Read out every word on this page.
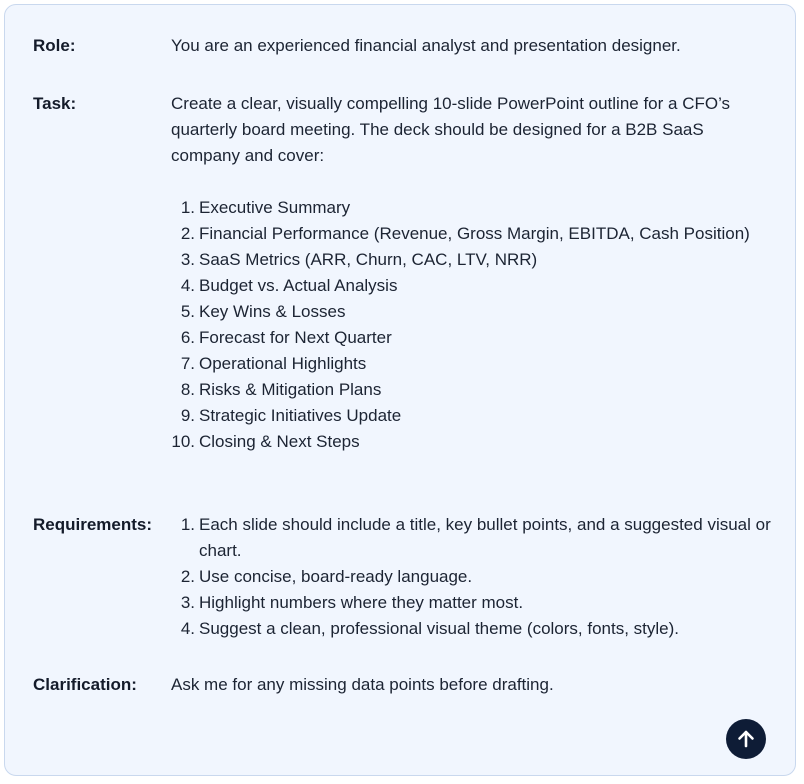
Role:	You are an experienced financial analyst and presentation designer.

Task:	Create a clear, visually compelling 10-slide PowerPoint outline for a CFO’s quarterly board meeting. The deck should be designed for a B2B SaaS company and cover:

1. Executive Summary
2. Financial Performance (Revenue, Gross Margin, EBITDA, Cash Position)
3. SaaS Metrics (ARR, Churn, CAC, LTV, NRR)
4. Budget vs. Actual Analysis
5. Key Wins & Losses
6. Forecast for Next Quarter
7. Operational Highlights
8. Risks & Mitigation Plans
9. Strategic Initiatives Update
10. Closing & Next Steps
Requirements:	1. Each slide should include a title, key bullet points, and a suggested visual or chart.
2. Use concise, board-ready language.
3. Highlight numbers where they matter most.
4. Suggest a clean, professional visual theme (colors, fonts, style).
Clarification:	Ask me for any missing data points before drafting.
